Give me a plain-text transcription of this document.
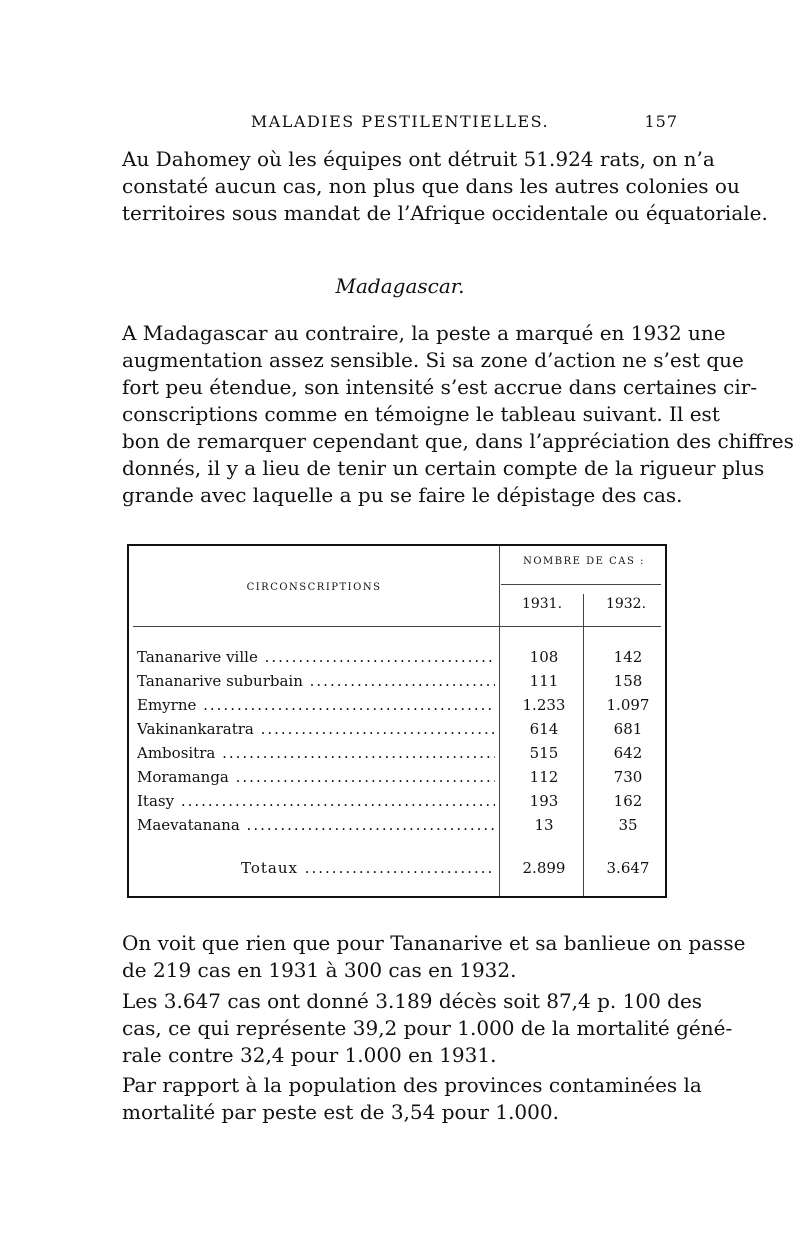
MALADIES PESTILENTIELLES.	157

Au Dahomey où les équipes ont détruit 51.924 rats, on n’a
constaté aucun cas, non plus que dans les autres colonies ou
territoires sous mandat de l’Afrique occidentale ou équatoriale.

Madagascar.

A Madagascar au contraire, la peste a marqué en 1932 une
augmentation assez sensible. Si sa zone d’action ne s’est que
fort peu étendue, son intensité s’est accrue dans certaines cir-
conscriptions comme en témoigne le tableau suivant. Il est
bon de remarquer cependant que, dans l’appréciation des chiffres
donnés, il y a lieu de tenir un certain compte de la rigueur plus
grande avec laquelle a pu se faire le dépistage des cas.

CIRCONSCRIPTIONS
NOMBRE DE CAS :
1931.	1932.
Tananarive ville .....	108	142
Tananarive suburbain .....	111	158
Emyrne .....	1.233	1.097
Vakinankaratra .....	614	681
Ambositra .....	515	642
Moramanga .....	112	730
Itasy .....	193	162
Maevatanana .....	13	35
Totaux .....	2.899	3.647

On voit que rien que pour Tananarive et sa banlieue on passe
de 219 cas en 1931 à 300 cas en 1932.

Les 3.647 cas ont donné 3.189 décès soit 87,4 p. 100 des
cas, ce qui représente 39,2 pour 1.000 de la mortalité géné-
rale contre 32,4 pour 1.000 en 1931.

Par rapport à la population des provinces contaminées la
mortalité par peste est de 3,54 pour 1.000.
